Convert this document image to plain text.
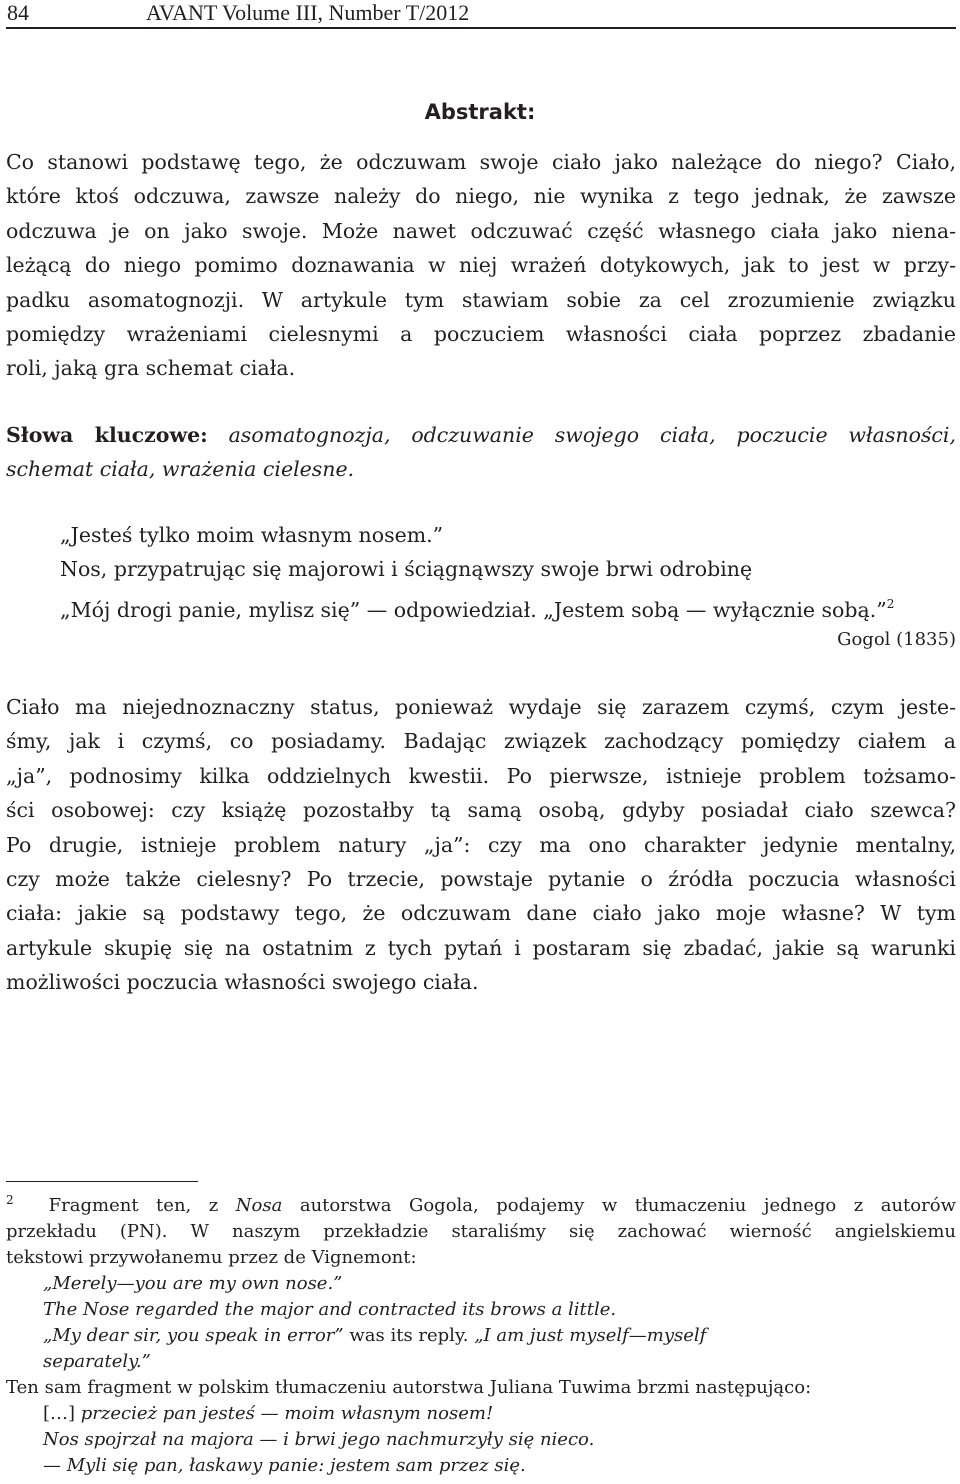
84	AVANT Volume III, Number T/2012
Abstrakt:

Co stanowi podstawę tego, że odczuwam swoje ciało jako należące do niego? Ciało,
które ktoś odczuwa, zawsze należy do niego, nie wynika z tego jednak, że zawsze
odczuwa je on jako swoje. Może nawet odczuwać część własnego ciała jako niena-
leżącą do niego pomimo doznawania w niej wrażeń dotykowych, jak to jest w przy-
padku asomatognozji. W artykule tym stawiam sobie za cel zrozumienie związku
pomiędzy wrażeniami cielesnymi a poczuciem własności ciała poprzez zbadanie
roli, jaką gra schemat ciała.

Słowa kluczowe: asomatognozja, odczuwanie swojego ciała, poczucie własności,
schemat ciała, wrażenia cielesne.

„Jesteś tylko moim własnym nosem.”
Nos, przypatrując się majorowi i ściągnąwszy swoje brwi odrobinę
„Mój drogi panie, mylisz się” — odpowiedział. „Jestem sobą — wyłącznie sobą.”$^2$
Gogol (1835)

Ciało ma niejednoznaczny status, ponieważ wydaje się zarazem czymś, czym jeste-
śmy, jak i czymś, co posiadamy. Badając związek zachodzący pomiędzy ciałem a
„ja”, podnosimy kilka oddzielnych kwestii. Po pierwsze, istnieje problem tożsamo-
ści osobowej: czy książę pozostałby tą samą osobą, gdyby posiadał ciało szewca?
Po drugie, istnieje problem natury „ja”: czy ma ono charakter jedynie mentalny,
czy może także cielesny? Po trzecie, powstaje pytanie o źródła poczucia własności
ciała: jakie są podstawy tego, że odczuwam dane ciało jako moje własne? W tym
artykule skupię się na ostatnim z tych pytań i postaram się zbadać, jakie są warunki
możliwości poczucia własności swojego ciała.

$^2$ Fragment ten, z Nosa autorstwa Gogola, podajemy w tłumaczeniu jednego z autorów
przekładu (PN). W naszym przekładzie staraliśmy się zachować wierność angielskiemu
tekstowi przywołanemu przez de Vignemont:
„Merely—you are my own nose.”
The Nose regarded the major and contracted its brows a little.
„My dear sir, you speak in error” was its reply. „I am just myself—myself
separately.”
Ten sam fragment w polskim tłumaczeniu autorstwa Juliana Tuwima brzmi następująco:
[…] przecież pan jesteś — moim własnym nosem!
Nos spojrzał na majora — i brwi jego nachmurzyły się nieco.
— Myli się pan, łaskawy panie: jestem sam przez się.
